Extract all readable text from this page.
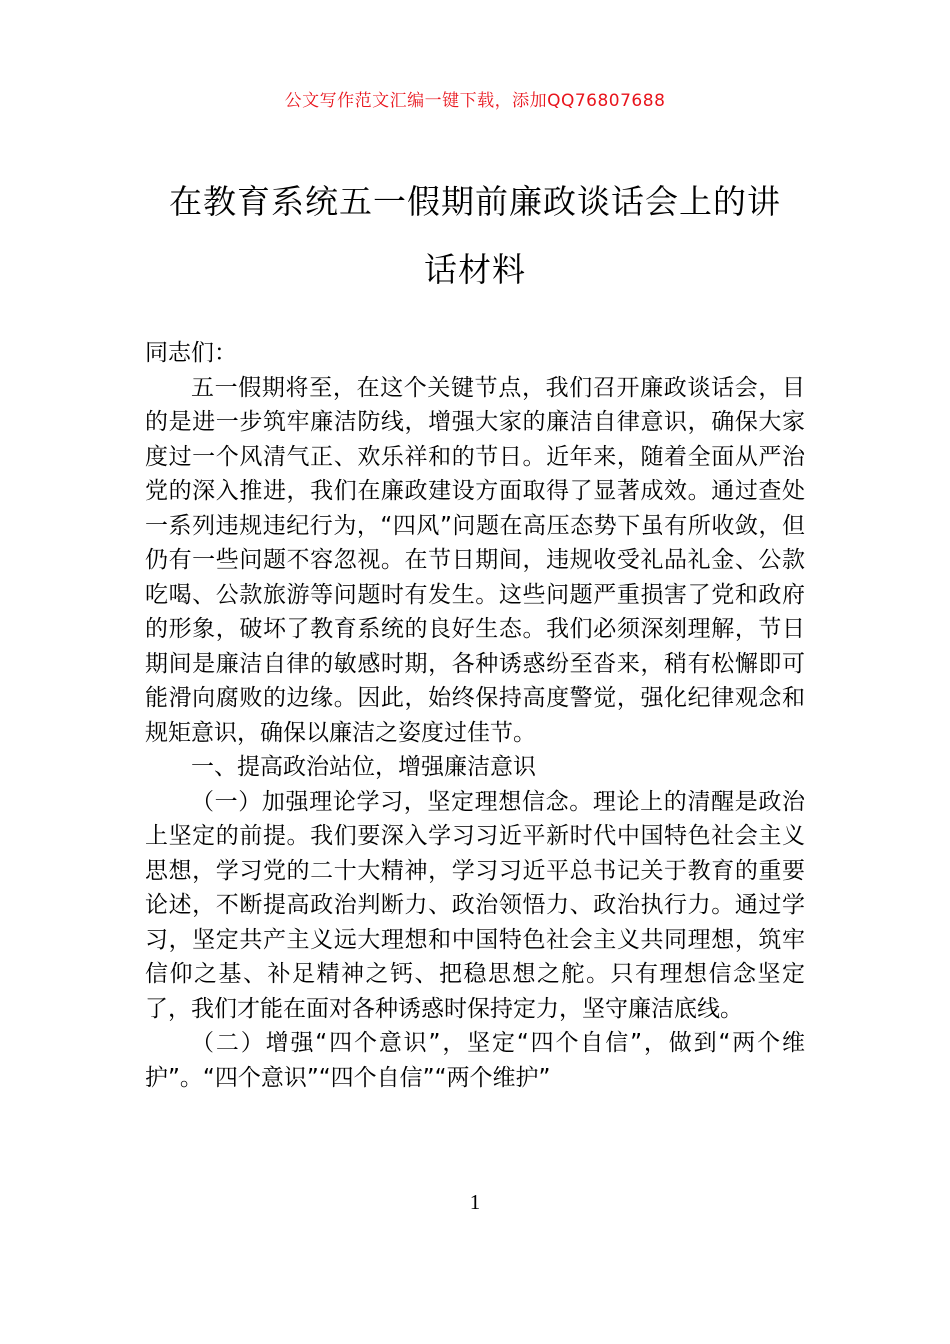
公文写作范文汇编一键下载，添加QQ76807688
在教育系统五一假期前廉政谈话会上的讲
话材料

同志们：

五一假期将至，在这个关键节点，我们召开廉政谈话会，目的是进一步筑牢廉洁防线，增强大家的廉洁自律意识，确保大家度过一个风清气正、欢乐祥和的节日。近年来，随着全面从严治党的深入推进，我们在廉政建设方面取得了显著成效。通过查处一系列违规违纪行为，“四风”问题在高压态势下虽有所收敛，但仍有一些问题不容忽视。在节日期间，违规收受礼品礼金、公款吃喝、公款旅游等问题时有发生。这些问题严重损害了党和政府的形象，破坏了教育系统的良好生态。我们必须深刻理解，节日期间是廉洁自律的敏感时期，各种诱惑纷至沓来，稍有松懈即可能滑向腐败的边缘。因此，始终保持高度警觉，强化纪律观念和规矩意识，确保以廉洁之姿度过佳节。

一、提高政治站位，增强廉洁意识

（一）加强理论学习，坚定理想信念。理论上的清醒是政治上坚定的前提。我们要深入学习习近平新时代中国特色社会主义思想，学习党的二十大精神，学习习近平总书记关于教育的重要论述，不断提高政治判断力、政治领悟力、政治执行力。通过学习，坚定共产主义远大理想和中国特色社会主义共同理想，筑牢信仰之基、补足精神之钙、把稳思想之舵。只有理想信念坚定了，我们才能在面对各种诱惑时保持定力，坚守廉洁底线。

（二）增强“四个意识”，坚定“四个自信”，做到“两个维护”。“四个意识”“四个自信”“两个维护”

1
